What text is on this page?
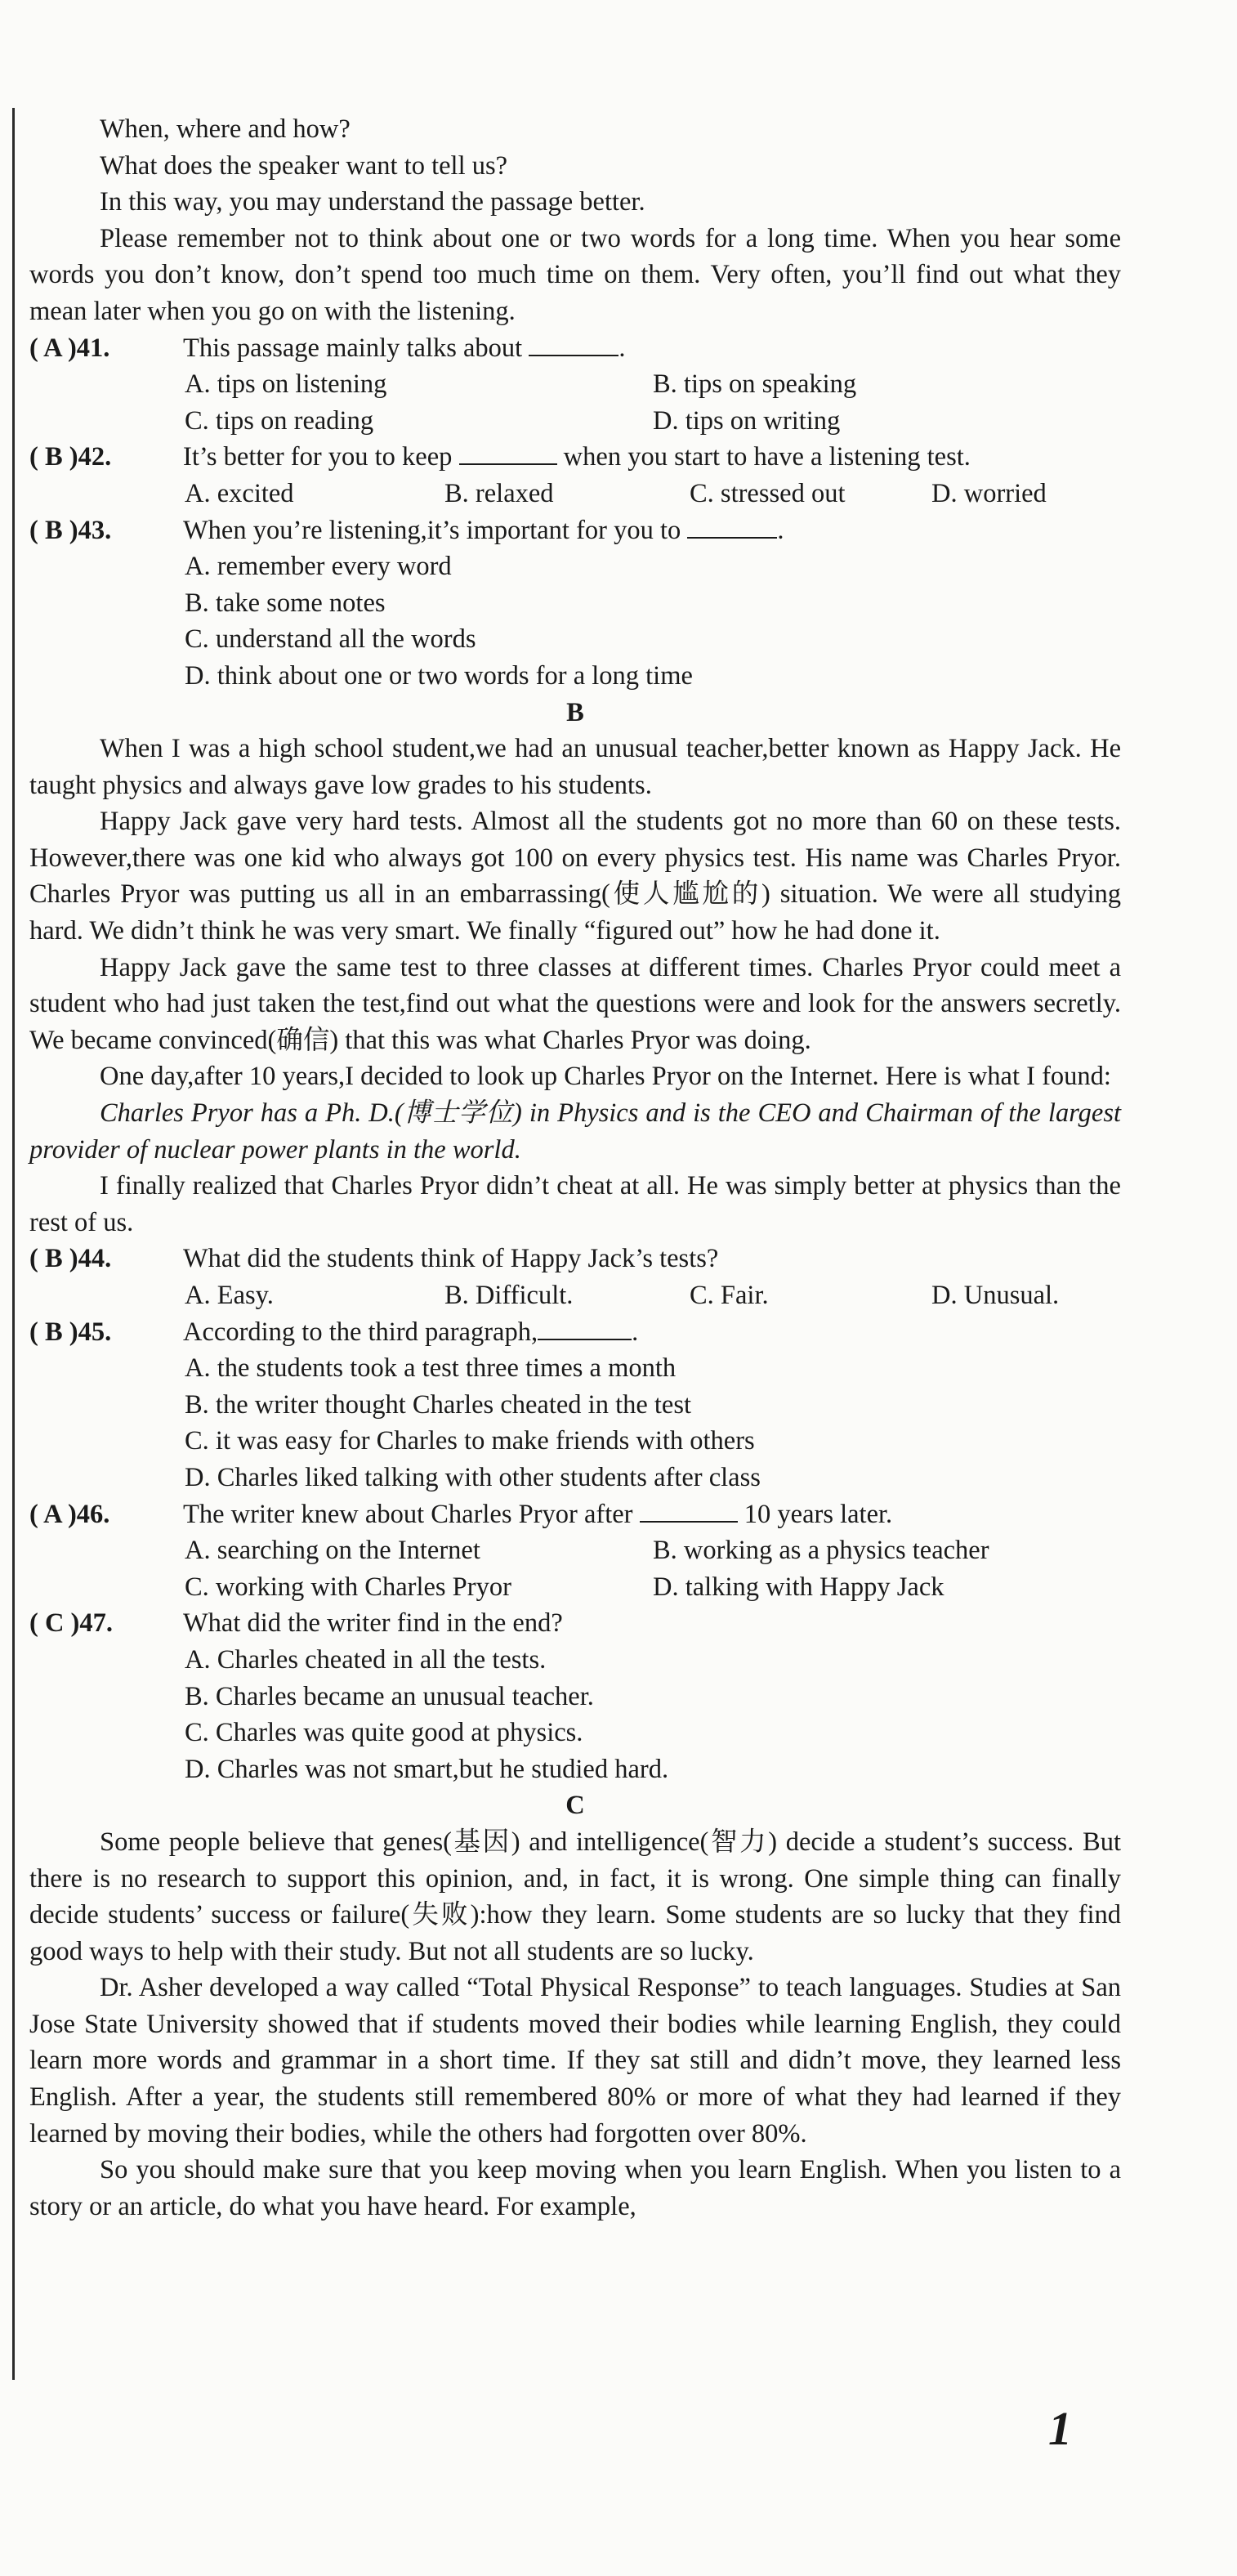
When, where and how?

What does the speaker want to tell us?

In this way, you may understand the passage better.

Please remember not to think about one or two words for a long time. When you hear some words you don’t know, don’t spend too much time on them. Very often, you’ll find out what they mean later when you go on with the listening.

( A )41.	This passage mainly talks about	.
A. tips on listening	B. tips on speaking
C. tips on reading	D. tips on writing
( B )42.	It’s better for you to keep	when you start to have a listening test.
A. excited	B. relaxed	C. stressed out	D. worried
( B )43.	When you’re listening,it’s important for you to	.
A. remember every word
B. take some notes
C. understand all the words
D. think about one or two words for a long time

B

When I was a high school student,we had an unusual teacher,better known as Happy Jack. He taught physics and always gave low grades to his students.

Happy Jack gave very hard tests. Almost all the students got no more than 60 on these tests. However,there was one kid who always got 100 on every physics test. His name was Charles Pryor. Charles Pryor was putting us all in an embarrassing(使人尴尬的) situation. We were all studying hard. We didn’t think he was very smart. We finally “figured out” how he had done it.

Happy Jack gave the same test to three classes at different times. Charles Pryor could meet a student who had just taken the test,find out what the questions were and look for the answers secretly. We became convinced(确信) that this was what Charles Pryor was doing.

One day,after 10 years,I decided to look up Charles Pryor on the Internet. Here is what I found:

Charles Pryor has a Ph. D.(博士学位) in Physics and is the CEO and Chairman of the largest provider of nuclear power plants in the world.

I finally realized that Charles Pryor didn’t cheat at all. He was simply better at physics than the rest of us.

( B )44.	What did the students think of Happy Jack’s tests?
A. Easy.	B. Difficult.	C. Fair.	D. Unusual.
( B )45.	According to the third paragraph,	.
A. the students took a test three times a month
B. the writer thought Charles cheated in the test
C. it was easy for Charles to make friends with others
D. Charles liked talking with other students after class
( A )46.	The writer knew about Charles Pryor after	10 years later.
A. searching on the Internet	B. working as a physics teacher
C. working with Charles Pryor	D. talking with Happy Jack
( C )47.	What did the writer find in the end?
A. Charles cheated in all the tests.
B. Charles became an unusual teacher.
C. Charles was quite good at physics.
D. Charles was not smart,but he studied hard.

C

Some people believe that genes(基因) and intelligence(智力) decide a student’s success. But there is no research to support this opinion, and, in fact, it is wrong. One simple thing can finally decide students’ success or failure(失败):how they learn. Some students are so lucky that they find good ways to help with their study. But not all students are so lucky.

Dr. Asher developed a way called “Total Physical Response” to teach languages. Studies at San Jose State University showed that if students moved their bodies while learning English, they could learn more words and grammar in a short time. If they sat still and didn’t move, they learned less English. After a year, the students still remembered 80% or more of what they had learned if they learned by moving their bodies, while the others had forgotten over 80%.

So you should make sure that you keep moving when you learn English. When you listen to a story or an article, do what you have heard. For example,

1
